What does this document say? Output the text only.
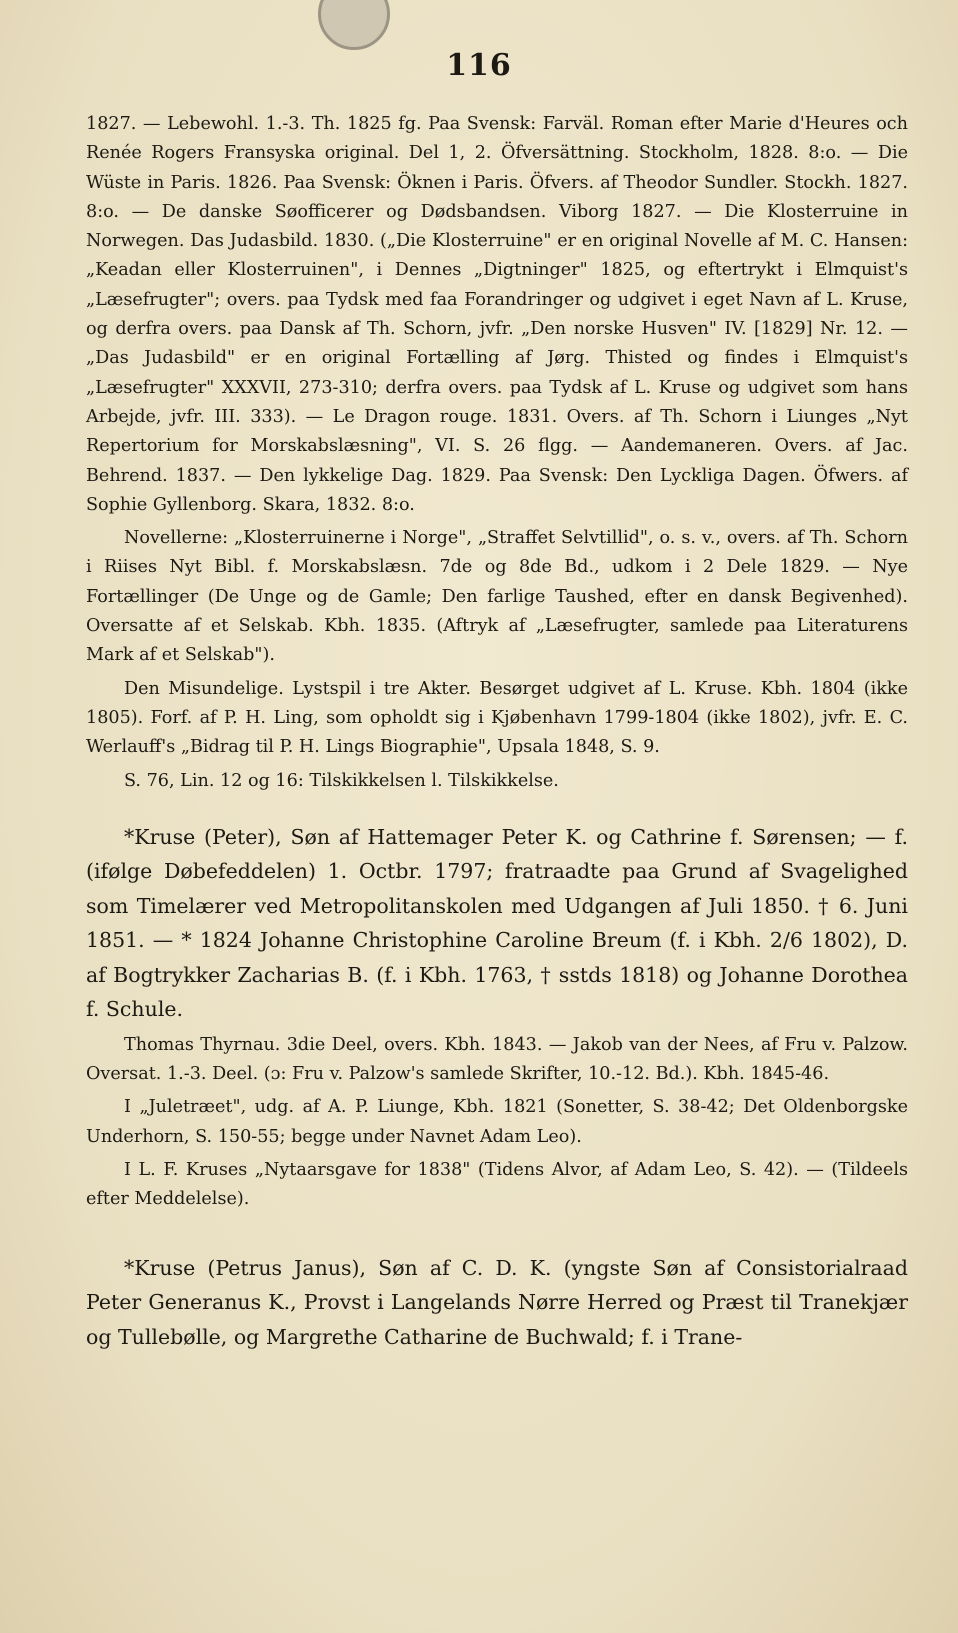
116

1827. — Lebewohl. 1.-3. Th. 1825 fg. Paa Svensk: Farväl. Roman efter Marie d'Heures och Renée Rogers Fransyska original. Del 1, 2. Öfversättning. Stockholm, 1828. 8:o. — Die Wüste in Paris. 1826. Paa Svensk: Öknen i Paris. Öfvers. af Theodor Sundler. Stockh. 1827. 8:o. — De danske Søofficerer og Dødsbandsen. Viborg 1827. — Die Klosterruine in Norwegen. Das Judasbild. 1830. („Die Klosterruine" er en original Novelle af M. C. Hansen: „Keadan eller Klosterruinen", i Dennes „Digtninger" 1825, og eftertrykt i Elmquist's „Læsefrugter"; overs. paa Tydsk med faa Forandringer og udgivet i eget Navn af L. Kruse, og derfra overs. paa Dansk af Th. Schorn, jvfr. „Den norske Husven" IV. [1829] Nr. 12. — „Das Judasbild" er en original Fortælling af Jørg. Thisted og findes i Elmquist's „Læsefrugter" XXXVII, 273-310; derfra overs. paa Tydsk af L. Kruse og udgivet som hans Arbejde, jvfr. III. 333). — Le Dragon rouge. 1831. Overs. af Th. Schorn i Liunges „Nyt Repertorium for Morskabslæsning", VI. S. 26 flgg. — Aandemaneren. Overs. af Jac. Behrend. 1837. — Den lykkelige Dag. 1829. Paa Svensk: Den Lyckliga Dagen. Öfwers. af Sophie Gyllenborg. Skara, 1832. 8:o.

Novellerne: „Klosterruinerne i Norge", „Straffet Selvtillid", o. s. v., overs. af Th. Schorn i Riises Nyt Bibl. f. Morskabslæsn. 7de og 8de Bd., udkom i 2 Dele 1829. — Nye Fortællinger (De Unge og de Gamle; Den farlige Taushed, efter en dansk Begivenhed). Oversatte af et Selskab. Kbh. 1835. (Aftryk af „Læsefrugter, samlede paa Literaturens Mark af et Selskab").

Den Misundelige. Lystspil i tre Akter. Besørget udgivet af L. Kruse. Kbh. 1804 (ikke 1805). Forf. af P. H. Ling, som opholdt sig i Kjøbenhavn 1799-1804 (ikke 1802), jvfr. E. C. Werlauff's „Bidrag til P. H. Lings Biographie", Upsala 1848, S. 9.

S. 76, Lin. 12 og 16: Tilskikkelsen l. Tilskikkelse.

*Kruse (Peter), Søn af Hattemager Peter K. og Cathrine f. Sørensen; — f. (ifølge Døbefeddelen) 1. Octbr. 1797; fratraadte paa Grund af Svagelighed som Timelærer ved Metropolitanskolen med Udgangen af Juli 1850. † 6. Juni 1851. — * 1824 Johanne Christophine Caroline Breum (f. i Kbh. 2/6 1802), D. af Bogtrykker Zacharias B. (f. i Kbh. 1763, † sstds 1818) og Johanne Dorothea f. Schule.

Thomas Thyrnau. 3die Deel, overs. Kbh. 1843. — Jakob van der Nees, af Fru v. Palzow. Oversat. 1.-3. Deel. (ɔ: Fru v. Palzow's samlede Skrifter, 10.-12. Bd.). Kbh. 1845-46.

I „Juletræet", udg. af A. P. Liunge, Kbh. 1821 (Sonetter, S. 38-42; Det Oldenborgske Underhorn, S. 150-55; begge under Navnet Adam Leo).

I L. F. Kruses „Nytaarsgave for 1838" (Tidens Alvor, af Adam Leo, S. 42). — (Tildeels efter Meddelelse).

*Kruse (Petrus Janus), Søn af C. D. K. (yngste Søn af Consistorialraad Peter Generanus K., Provst i Langelands Nørre Herred og Præst til Tranekjær og Tullebølle, og Margrethe Catharine de Buchwald; f. i Trane-
